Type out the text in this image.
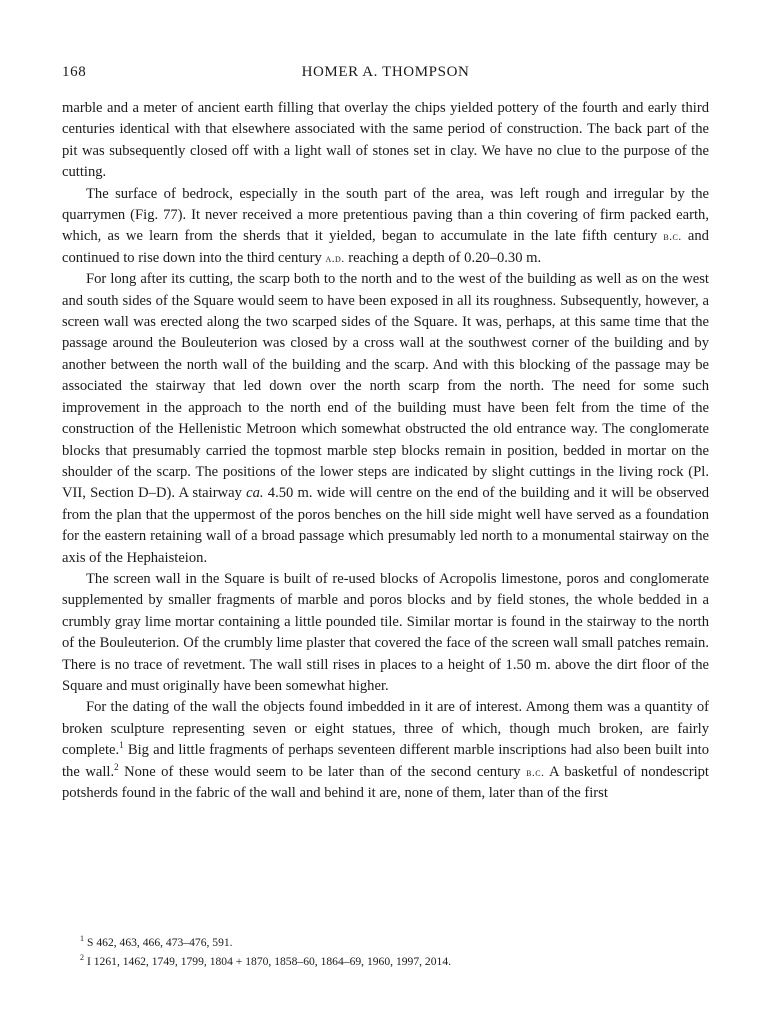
168	HOMER A. THOMPSON

marble and a meter of ancient earth filling that overlay the chips yielded pottery of the fourth and early third centuries identical with that elsewhere associated with the same period of construction. The back part of the pit was subsequently closed off with a light wall of stones set in clay. We have no clue to the purpose of the cutting.

The surface of bedrock, especially in the south part of the area, was left rough and irregular by the quarrymen (Fig. 77). It never received a more pretentious paving than a thin covering of firm packed earth, which, as we learn from the sherds that it yielded, began to accumulate in the late fifth century b.c. and continued to rise down into the third century a.d. reaching a depth of 0.20–0.30 m.

For long after its cutting, the scarp both to the north and to the west of the building as well as on the west and south sides of the Square would seem to have been exposed in all its roughness. Subsequently, however, a screen wall was erected along the two scarped sides of the Square. It was, perhaps, at this same time that the passage around the Bouleuterion was closed by a cross wall at the southwest corner of the building and by another between the north wall of the building and the scarp. And with this blocking of the passage may be associated the stairway that led down over the north scarp from the north. The need for some such improvement in the approach to the north end of the building must have been felt from the time of the construction of the Hellenistic Metroon which somewhat obstructed the old entrance way. The conglomerate blocks that presumably carried the topmost marble step blocks remain in position, bedded in mortar on the shoulder of the scarp. The positions of the lower steps are indicated by slight cuttings in the living rock (Pl. VII, Section D–D). A stairway ca. 4.50 m. wide will centre on the end of the building and it will be observed from the plan that the uppermost of the poros benches on the hill side might well have served as a foundation for the eastern retaining wall of a broad passage which presumably led north to a monumental stairway on the axis of the Hephaisteion.

The screen wall in the Square is built of re-used blocks of Acropolis limestone, poros and conglomerate supplemented by smaller fragments of marble and poros blocks and by field stones, the whole bedded in a crumbly gray lime mortar containing a little pounded tile. Similar mortar is found in the stairway to the north of the Bouleuterion. Of the crumbly lime plaster that covered the face of the screen wall small patches remain. There is no trace of revetment. The wall still rises in places to a height of 1.50 m. above the dirt floor of the Square and must originally have been somewhat higher.

For the dating of the wall the objects found imbedded in it are of interest. Among them was a quantity of broken sculpture representing seven or eight statues, three of which, though much broken, are fairly complete.$^1$ Big and little fragments of perhaps seventeen different marble inscriptions had also been built into the wall.$^2$ None of these would seem to be later than of the second century b.c. A basketful of nondescript potsherds found in the fabric of the wall and behind it are, none of them, later than of the first

$^1$ S 462, 463, 466, 473–476, 591.
$^2$ I 1261, 1462, 1749, 1799, 1804 + 1870, 1858–60, 1864–69, 1960, 1997, 2014.
